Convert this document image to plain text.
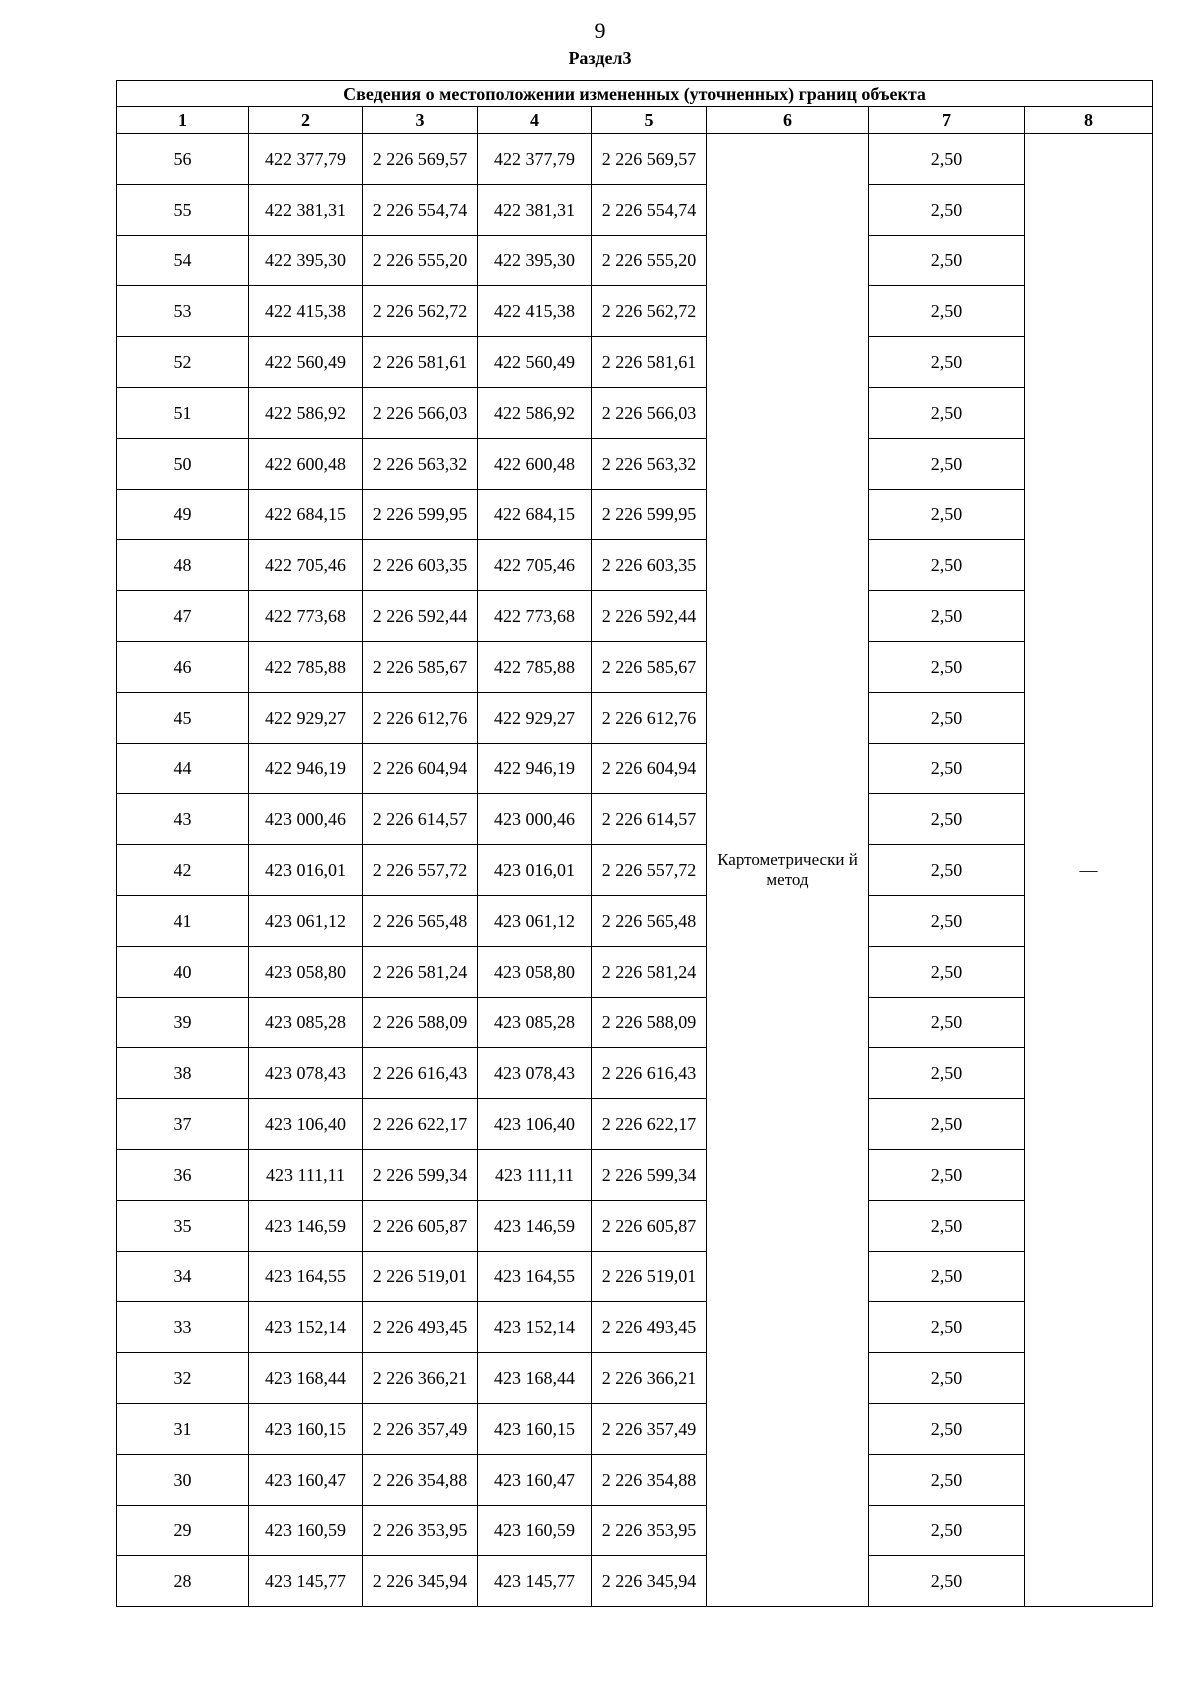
9
Раздел3
Сведения о местоположении измененных (уточненных) границ объекта							
1	2	3	4	5	6	7	8
56	422 377,79	2 226 569,57	422 377,79	2 226 569,57	Картометрически й метод	2,50	—
55	422 381,31	2 226 554,74	422 381,31	2 226 554,74		2,50	
54	422 395,30	2 226 555,20	422 395,30	2 226 555,20		2,50	
53	422 415,38	2 226 562,72	422 415,38	2 226 562,72		2,50	
52	422 560,49	2 226 581,61	422 560,49	2 226 581,61		2,50	
51	422 586,92	2 226 566,03	422 586,92	2 226 566,03		2,50	
50	422 600,48	2 226 563,32	422 600,48	2 226 563,32		2,50	
49	422 684,15	2 226 599,95	422 684,15	2 226 599,95		2,50	
48	422 705,46	2 226 603,35	422 705,46	2 226 603,35		2,50	
47	422 773,68	2 226 592,44	422 773,68	2 226 592,44		2,50	
46	422 785,88	2 226 585,67	422 785,88	2 226 585,67		2,50	
45	422 929,27	2 226 612,76	422 929,27	2 226 612,76		2,50	
44	422 946,19	2 226 604,94	422 946,19	2 226 604,94		2,50	
43	423 000,46	2 226 614,57	423 000,46	2 226 614,57		2,50	
42	423 016,01	2 226 557,72	423 016,01	2 226 557,72		2,50	
41	423 061,12	2 226 565,48	423 061,12	2 226 565,48		2,50	
40	423 058,80	2 226 581,24	423 058,80	2 226 581,24		2,50	
39	423 085,28	2 226 588,09	423 085,28	2 226 588,09		2,50	
38	423 078,43	2 226 616,43	423 078,43	2 226 616,43		2,50	
37	423 106,40	2 226 622,17	423 106,40	2 226 622,17		2,50	
36	423 111,11	2 226 599,34	423 111,11	2 226 599,34		2,50	
35	423 146,59	2 226 605,87	423 146,59	2 226 605,87		2,50	
34	423 164,55	2 226 519,01	423 164,55	2 226 519,01		2,50	
33	423 152,14	2 226 493,45	423 152,14	2 226 493,45		2,50	
32	423 168,44	2 226 366,21	423 168,44	2 226 366,21		2,50	
31	423 160,15	2 226 357,49	423 160,15	2 226 357,49		2,50	
30	423 160,47	2 226 354,88	423 160,47	2 226 354,88		2,50	
29	423 160,59	2 226 353,95	423 160,59	2 226 353,95		2,50	
28	423 145,77	2 226 345,94	423 145,77	2 226 345,94		2,50	
